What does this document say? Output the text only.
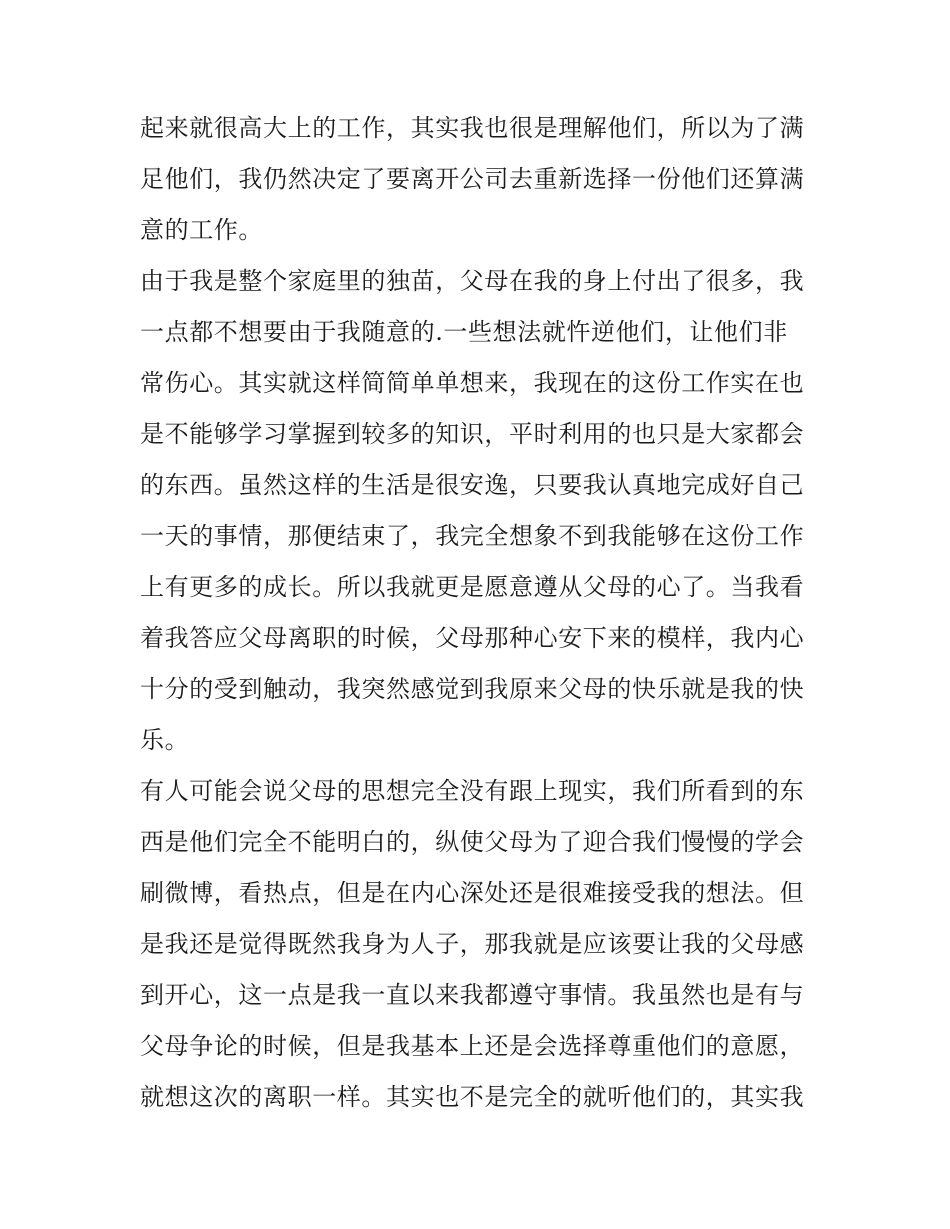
起来就很高大上的工作，其实我也很是理解他们，所以为了满
足他们，我仍然决定了要离开公司去重新选择一份他们还算满
意的工作。
由于我是整个家庭里的独苗，父母在我的身上付出了很多，我
一点都不想要由于我随意的.一些想法就忤逆他们，让他们非
常伤心。其实就这样简简单单想来，我现在的这份工作实在也
是不能够学习掌握到较多的知识，平时利用的也只是大家都会
的东西。虽然这样的生活是很安逸，只要我认真地完成好自己
一天的事情，那便结束了，我完全想象不到我能够在这份工作
上有更多的成长。所以我就更是愿意遵从父母的心了。当我看
着我答应父母离职的时候，父母那种心安下来的模样，我内心
十分的受到触动，我突然感觉到我原来父母的快乐就是我的快
乐。
有人可能会说父母的思想完全没有跟上现实，我们所看到的东
西是他们完全不能明白的，纵使父母为了迎合我们慢慢的学会
刷微博，看热点，但是在内心深处还是很难接受我的想法。但
是我还是觉得既然我身为人子，那我就是应该要让我的父母感
到开心，这一点是我一直以来我都遵守事情。我虽然也是有与
父母争论的时候，但是我基本上还是会选择尊重他们的意愿，
就想这次的离职一样。其实也不是完全的就听他们的，其实我
